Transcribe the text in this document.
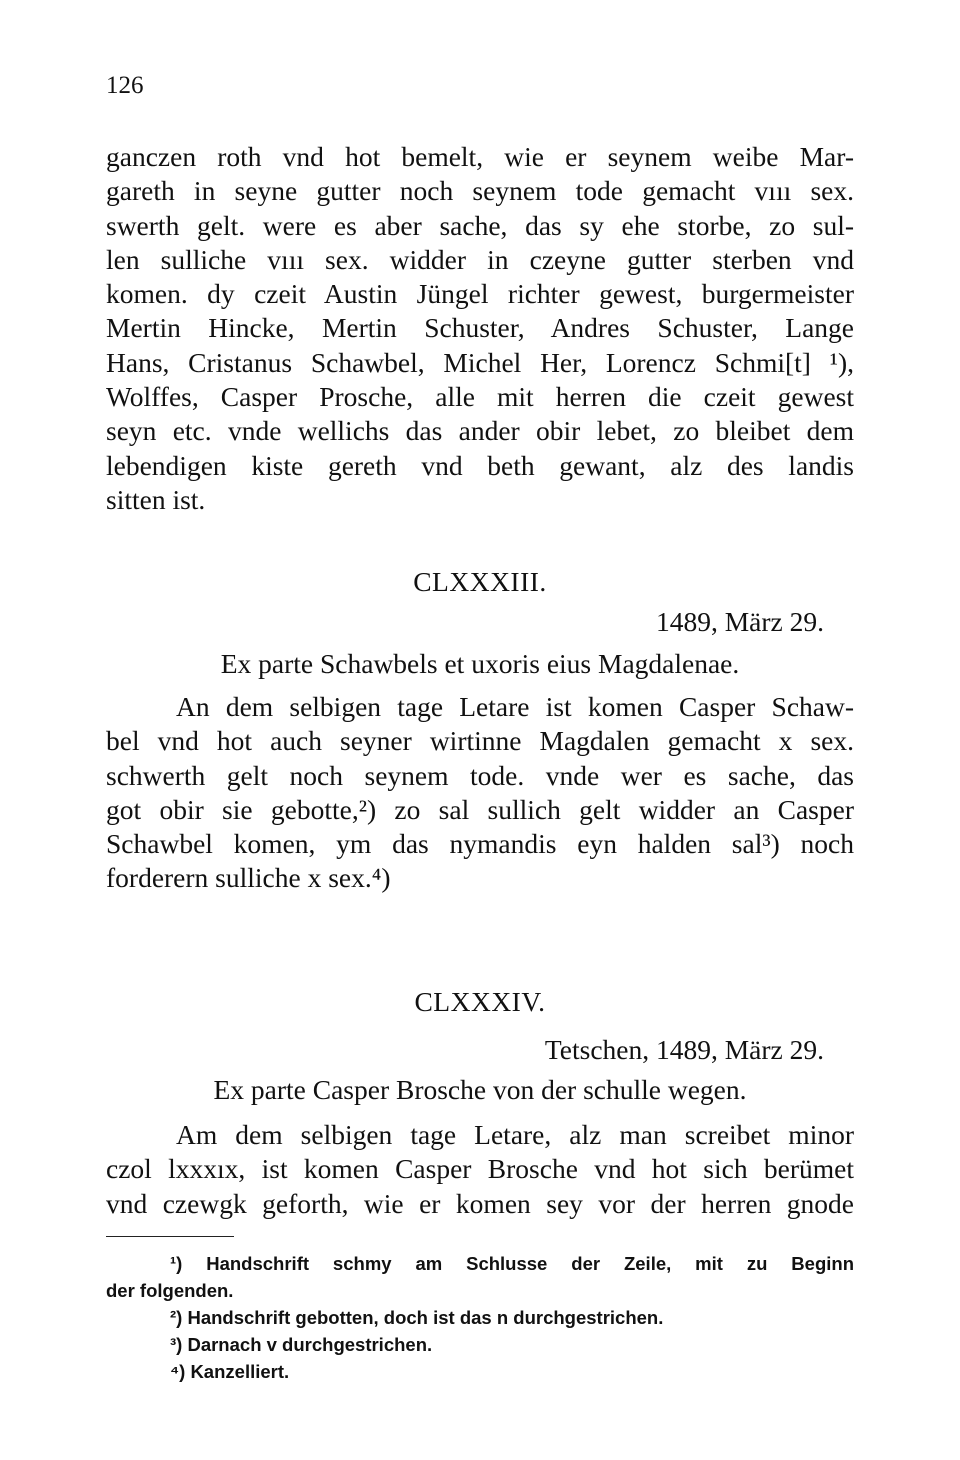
126
ganczen roth vnd hot bemelt, wie er seynem weibe Mar-
gareth in seyne gutter noch seynem tode gemacht vııı sex.
swerth gelt. were es aber sache, das sy ehe storbe, zo sul-
len sulliche vııı sex. widder in czeyne gutter sterben vnd
komen. dy czeit Austin Jüngel richter gewest, burgermeister
Mertin Hincke, Mertin Schuster, Andres Schuster, Lange
Hans, Cristanus Schawbel, Michel Her, Lorencz Schmi[t] ¹),
Wolffes, Casper Prosche, alle mit herren die czeit gewest
seyn etc. vnde wellichs das ander obir lebet, zo bleibet dem
lebendigen kiste gereth vnd beth gewant, alz des landis
sitten ist.
CLXXXIII.
1489, März 29.
Ex parte Schawbels et uxoris eius Magdalenae.
An dem selbigen tage Letare ist komen Casper Schaw-
bel vnd hot auch seyner wirtinne Magdalen gemacht x sex.
schwerth gelt noch seynem tode. vnde wer es sache, das
got obir sie gebotte,²) zo sal sullich gelt widder an Casper
Schawbel komen, ym das nymandis eyn halden sal³) noch
forderern sulliche x sex.⁴)
CLXXXIV.
Tetschen, 1489, März 29.
Ex parte Casper Brosche von der schulle wegen.
Am dem selbigen tage Letare, alz man screibet minor
czol lxxxıx, ist komen Casper Brosche vnd hot sich berümet
vnd czewgk geforth, wie er komen sey vor der herren gnode
¹) Handschrift schmy am Schlusse der Zeile, mit zu Beginn
der folgenden.
²) Handschrift gebotten, doch ist das n durchgestrichen.
³) Darnach v durchgestrichen.
⁴) Kanzelliert.
